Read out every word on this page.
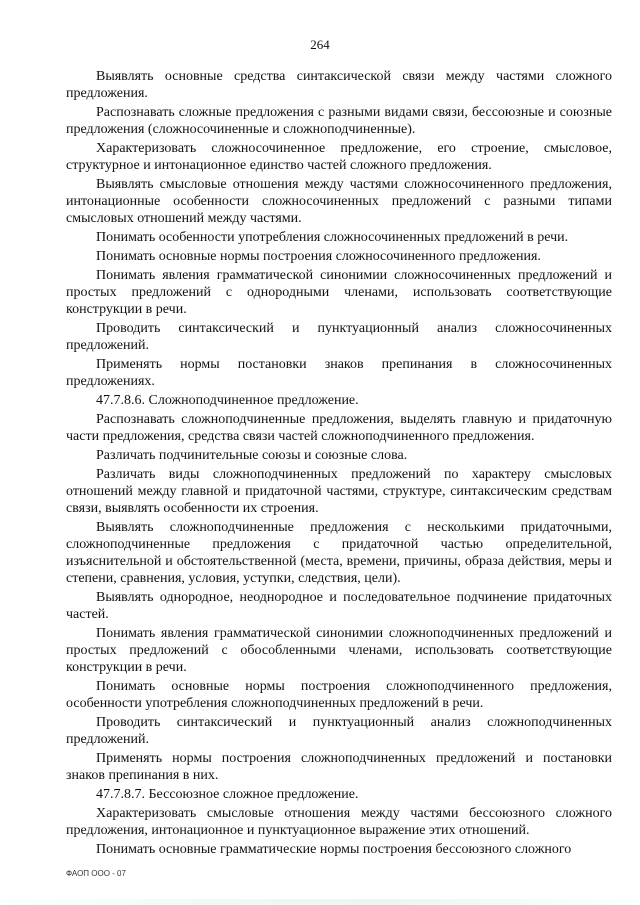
264

Выявлять основные средства синтаксической связи между частями сложного предложения.

Распознавать сложные предложения с разными видами связи, бессоюзные и союзные предложения (сложносочиненные и сложноподчиненные).

Характеризовать сложносочиненное предложение, его строение, смысловое, структурное и интонационное единство частей сложного предложения.

Выявлять смысловые отношения между частями сложносочиненного предложения, интонационные особенности сложносочиненных предложений с разными типами смысловых отношений между частями.

Понимать особенности употребления сложносочиненных предложений в речи.

Понимать основные нормы построения сложносочиненного предложения.

Понимать явления грамматической синонимии сложносочиненных предложений и простых предложений с однородными членами, использовать соответствующие конструкции в речи.

Проводить синтаксический и пунктуационный анализ сложносочиненных предложений.

Применять нормы постановки знаков препинания в сложносочиненных предложениях.

47.7.8.6. Сложноподчиненное предложение.

Распознавать сложноподчиненные предложения, выделять главную и придаточную части предложения, средства связи частей сложноподчиненного предложения.

Различать подчинительные союзы и союзные слова.

Различать виды сложноподчиненных предложений по характеру смысловых отношений между главной и придаточной частями, структуре, синтаксическим средствам связи, выявлять особенности их строения.

Выявлять сложноподчиненные предложения с несколькими придаточными, сложноподчиненные предложения с придаточной частью определительной, изъяснительной и обстоятельственной (места, времени, причины, образа действия, меры и степени, сравнения, условия, уступки, следствия, цели).

Выявлять однородное, неоднородное и последовательное подчинение придаточных частей.

Понимать явления грамматической синонимии сложноподчиненных предложений и простых предложений с обособленными членами, использовать соответствующие конструкции в речи.

Понимать основные нормы построения сложноподчиненного предложения, особенности употребления сложноподчиненных предложений в речи.

Проводить синтаксический и пунктуационный анализ сложноподчиненных предложений.

Применять нормы построения сложноподчиненных предложений и постановки знаков препинания в них.

47.7.8.7. Бессоюзное сложное предложение.

Характеризовать смысловые отношения между частями бессоюзного сложного предложения, интонационное и пунктуационное выражение этих отношений.

Понимать основные грамматические нормы построения бессоюзного сложного

ФАОП ООО - 07
